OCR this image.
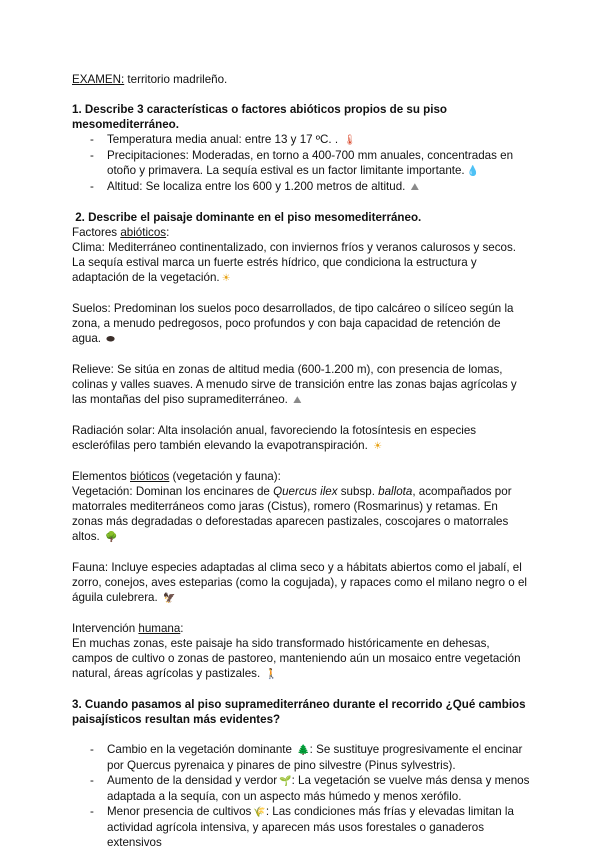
EXAMEN: territorio madrileño.

1. Describe 3 características o factores abióticos propios de su piso mesomediterráneo.

- Temperatura media anual: entre 13 y 17 ºC. . 🌡
- Precipitaciones: Moderadas, en torno a 400-700 mm anuales, concentradas en otoño y primavera. La sequía estival es un factor limitante importante. 💧
- Altitud: Se localiza entre los 600 y 1.200 metros de altitud. ⛰

2. Describe el paisaje dominante en el piso mesomediterráneo.

Factores abióticos:

Clima: Mediterráneo continentalizado, con inviernos fríos y veranos calurosos y secos. La sequía estival marca un fuerte estrés hídrico, que condiciona la estructura y adaptación de la vegetación. ☀

Suelos: Predominan los suelos poco desarrollados, de tipo calcáreo o silíceo según la zona, a menudo pedregosos, poco profundos y con baja capacidad de retención de agua. ⬬

Relieve: Se sitúa en zonas de altitud media (600-1.200 m), con presencia de lomas, colinas y valles suaves. A menudo sirve de transición entre las zonas bajas agrícolas y las montañas del piso supramediterráneo. ⛰

Radiación solar: Alta insolación anual, favoreciendo la fotosíntesis en especies esclerófilas pero también elevando la evapotranspiración. ☀

Elementos bióticos (vegetación y fauna):

Vegetación: Dominan los encinares de Quercus ilex subsp. ballota, acompañados por matorrales mediterráneos como jaras (Cistus), romero (Rosmarinus) y retamas. En zonas más degradadas o deforestadas aparecen pastizales, coscojares o matorrales altos. 🌳

Fauna: Incluye especies adaptadas al clima seco y a hábitats abiertos como el jabalí, el zorro, conejos, aves esteparias (como la cogujada), y rapaces como el milano negro o el águila culebrera. 🦅

Intervención humana:

En muchas zonas, este paisaje ha sido transformado históricamente en dehesas, campos de cultivo o zonas de pastoreo, manteniendo aún un mosaico entre vegetación natural, áreas agrícolas y pastizales. 🚶

3. Cuando pasamos al piso supramediterráneo durante el recorrido ¿Qué cambios paisajísticos resultan más evidentes?

- Cambio en la vegetación dominante 🌲: Se sustituye progresivamente el encinar por Quercus pyrenaica y pinares de pino silvestre (Pinus sylvestris).
- Aumento de la densidad y verdor 🌱: La vegetación se vuelve más densa y menos adaptada a la sequía, con un aspecto más húmedo y menos xerófilo.
- Menor presencia de cultivos 🌾: Las condiciones más frías y elevadas limitan la actividad agrícola intensiva, y aparecen más usos forestales o ganaderos extensivos
